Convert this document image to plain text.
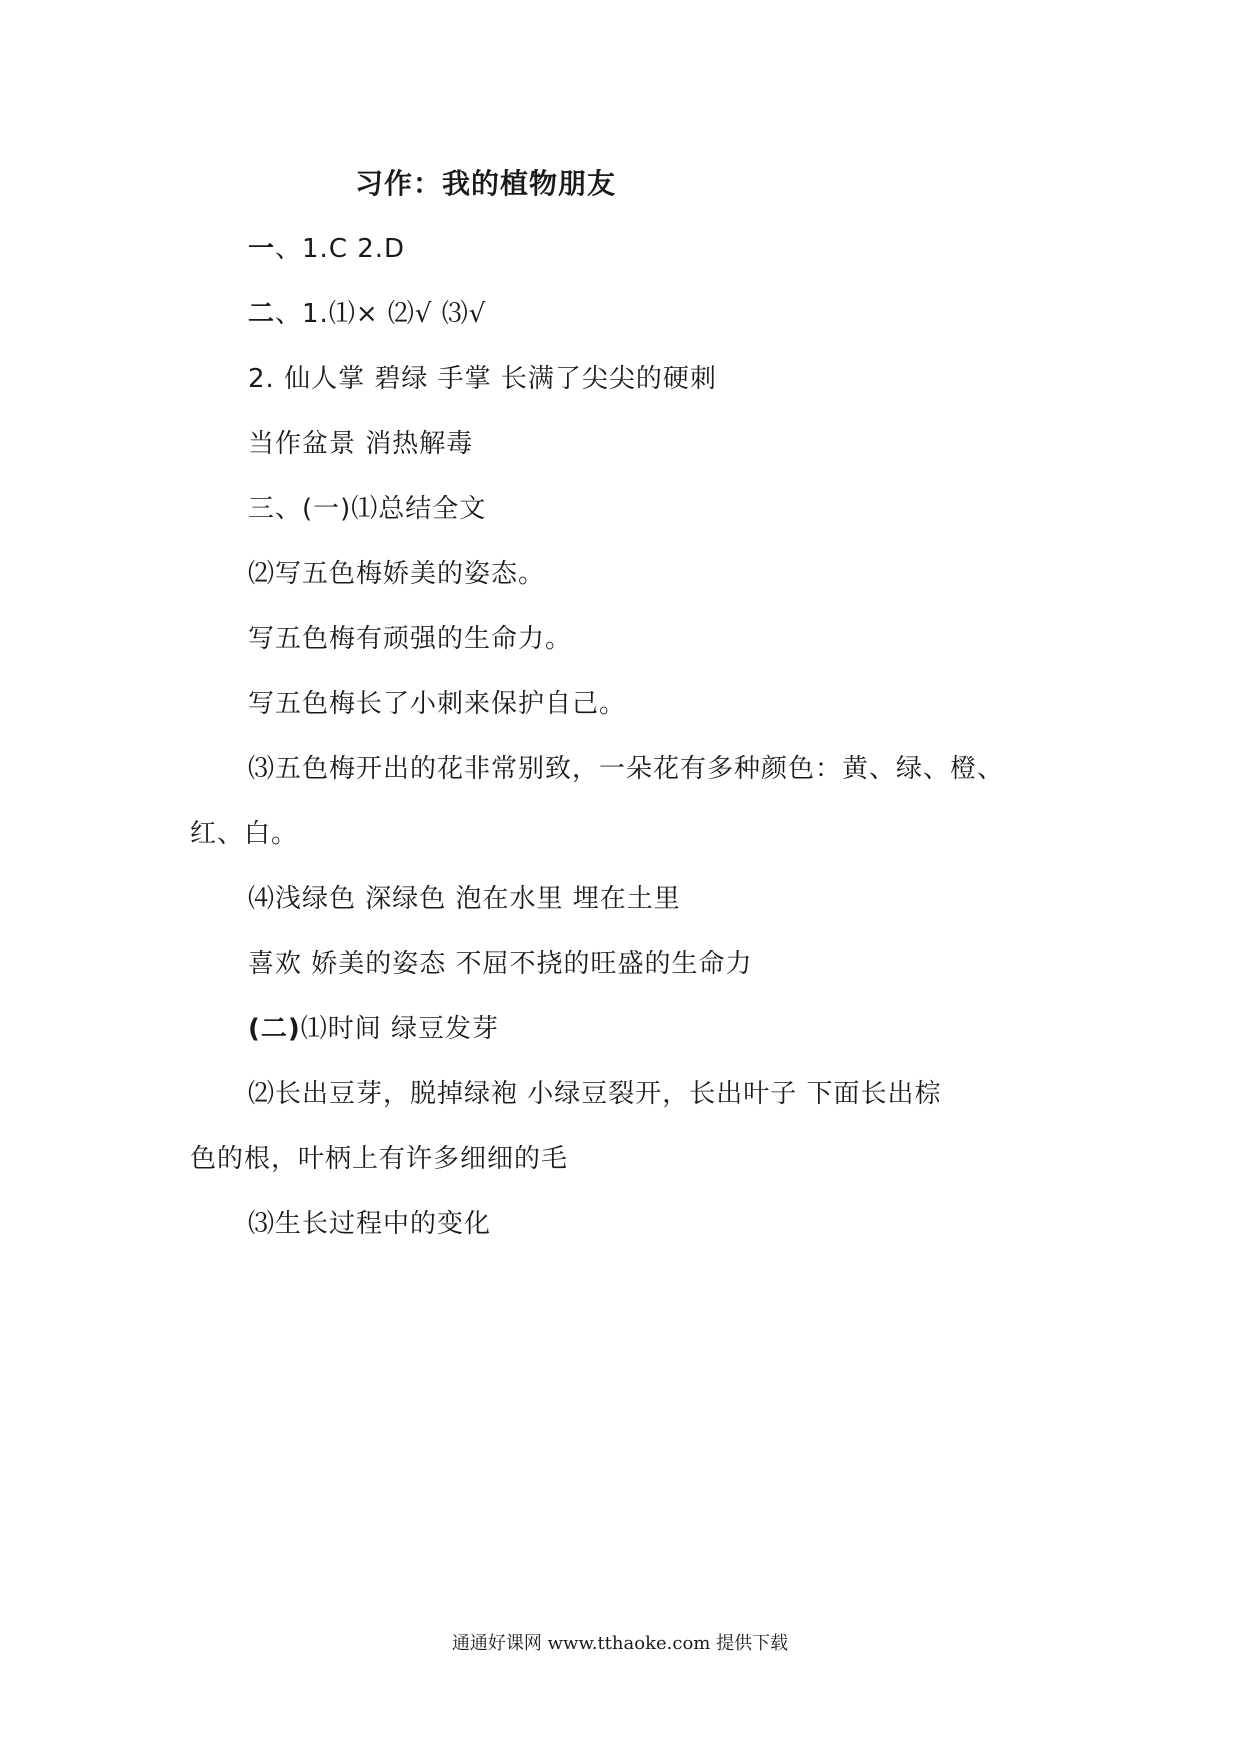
习作：我的植物朋友
一、1.C 2.D
二、1.⑴× ⑵√ ⑶√
2. 仙人掌 碧绿 手掌 长满了尖尖的硬刺
当作盆景 消热解毒
三、(一)⑴总结全文
⑵写五色梅娇美的姿态。
写五色梅有顽强的生命力。
写五色梅长了小刺来保护自己。
⑶五色梅开出的花非常别致，一朵花有多种颜色：黄、绿、橙、
红、白。
⑷浅绿色 深绿色 泡在水里 埋在土里
喜欢 娇美的姿态 不屈不挠的旺盛的生命力
(二)⑴时间 绿豆发芽
⑵长出豆芽，脱掉绿袍 小绿豆裂开，长出叶子 下面长出棕
色的根，叶柄上有许多细细的毛
⑶生长过程中的变化
通通好课网 www.tthaoke.com 提供下载
